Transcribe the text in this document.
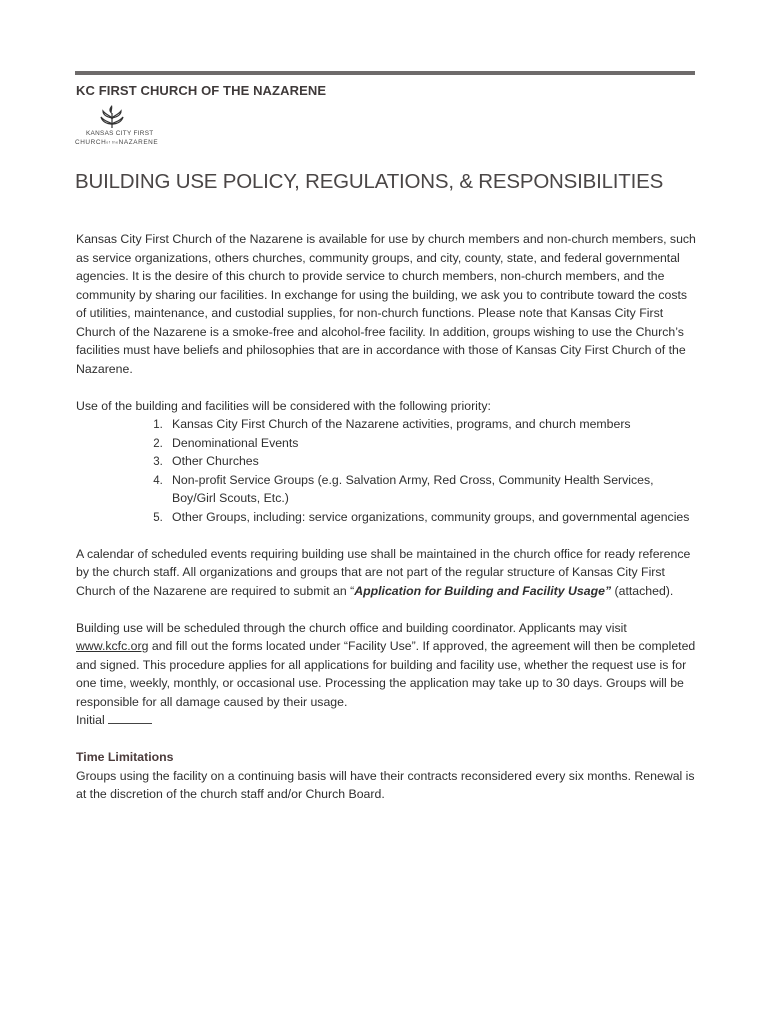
KC FIRST CHURCH OF THE NAZARENE
KANSAS CITY FIRST
CHURCHof theNAZARENE
BUILDING USE POLICY, REGULATIONS, & RESPONSIBILITIES

Kansas City First Church of the Nazarene is available for use by church members and non-church members, such as service organizations, others churches, community groups, and city, county, state, and federal governmental agencies. It is the desire of this church to provide service to church members, non-church members, and the community by sharing our facilities. In exchange for using the building, we ask you to contribute toward the costs of utilities, maintenance, and custodial supplies, for non-church functions. Please note that Kansas City First Church of the Nazarene is a smoke-free and alcohol-free facility. In addition, groups wishing to use the Church’s facilities must have beliefs and philosophies that are in accordance with those of Kansas City First Church of the Nazarene.

Use of the building and facilities will be considered with the following priority:

1. Kansas City First Church of the Nazarene activities, programs, and church members
2. Denominational Events
3. Other Churches
4. Non-profit Service Groups (e.g. Salvation Army, Red Cross, Community Health Services, Boy/Girl Scouts, Etc.)
5. Other Groups, including: service organizations, community groups, and governmental agencies

A calendar of scheduled events requiring building use shall be maintained in the church office for ready reference by the church staff. All organizations and groups that are not part of the regular structure of Kansas City First Church of the Nazarene are required to submit an “Application for Building and Facility Usage” (attached).

Building use will be scheduled through the church office and building coordinator. Applicants may visit www.kcfc.org and fill out the forms located under “Facility Use”. If approved, the agreement will then be completed and signed. This procedure applies for all applications for building and facility use, whether the request use is for one time, weekly, monthly, or occasional use. Processing the application may take up to 30 days. Groups will be responsible for all damage caused by their usage.
Initial

Time Limitations

Groups using the facility on a continuing basis will have their contracts reconsidered every six months. Renewal is at the discretion of the church staff and/or Church Board.
